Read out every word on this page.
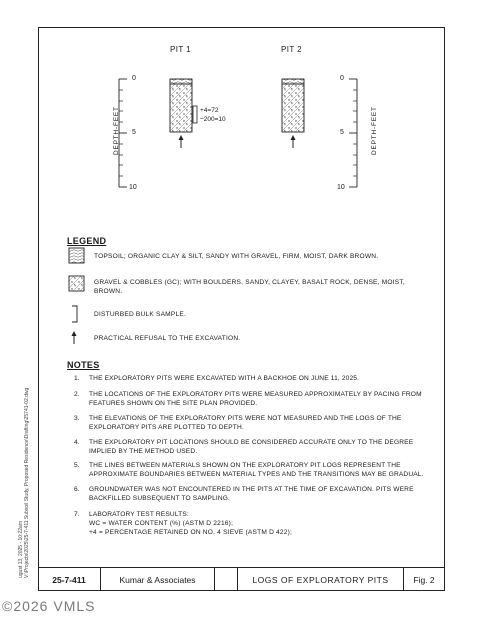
PIT 1	PIT 2
+4=72
−200=10
0
5
10
0
5
10
DEPTH-FEET	DEPTH-FEET
LEGEND
TOPSOIL; ORGANIC CLAY & SILT, SANDY WITH GRAVEL, FIRM, MOIST, DARK BROWN.
GRAVEL & COBBLES (GC); WITH BOULDERS, SANDY, CLAYEY, BASALT ROCK, DENSE, MOIST,
BROWN.
DISTURBED BULK SAMPLE.
PRACTICAL REFUSAL TO THE EXCAVATION.
NOTES
1. THE EXPLORATORY PITS WERE EXCAVATED WITH A BACKHOE ON JUNE 11, 2025.
2. THE LOCATIONS OF THE EXPLORATORY PITS WERE MEASURED APPROXIMATELY BY PACING FROM FEATURES SHOWN ON THE SITE PLAN PROVIDED.
3. THE ELEVATIONS OF THE EXPLORATORY PITS WERE NOT MEASURED AND THE LOGS OF THE EXPLORATORY PITS ARE PLOTTED TO DEPTH.
4. THE EXPLORATORY PIT LOCATIONS SHOULD BE CONSIDERED ACCURATE ONLY TO THE DEGREE IMPLIED BY THE METHOD USED.
5. THE LINES BETWEEN MATERIALS SHOWN ON THE EXPLORATORY PIT LOGS REPRESENT THE APPROXIMATE BOUNDARIES BETWEEN MATERIAL TYPES AND THE TRANSITIONS MAY BE GRADUAL.
6. GROUNDWATER WAS NOT ENCOUNTERED IN THE PITS AT THE TIME OF EXCAVATION. PITS WERE BACKFILLED SUBSEQUENT TO SAMPLING.
7. LABORATORY TEST RESULTS:
WC = WATER CONTENT (%) (ASTM D 2216);
+4 = PERCENTAGE RETAINED ON NO. 4 SIEVE (ASTM D 422);
25-7-411	Kumar & Associates	LOGS OF EXPLORATORY PITS	Fig. 2
ugust 13, 2025 - 10:22am V:\Projects\2025\25-7-411 Subsoil Study, Proposed Residence\Drafting\25741-02.dwg
©2026 VMLS
